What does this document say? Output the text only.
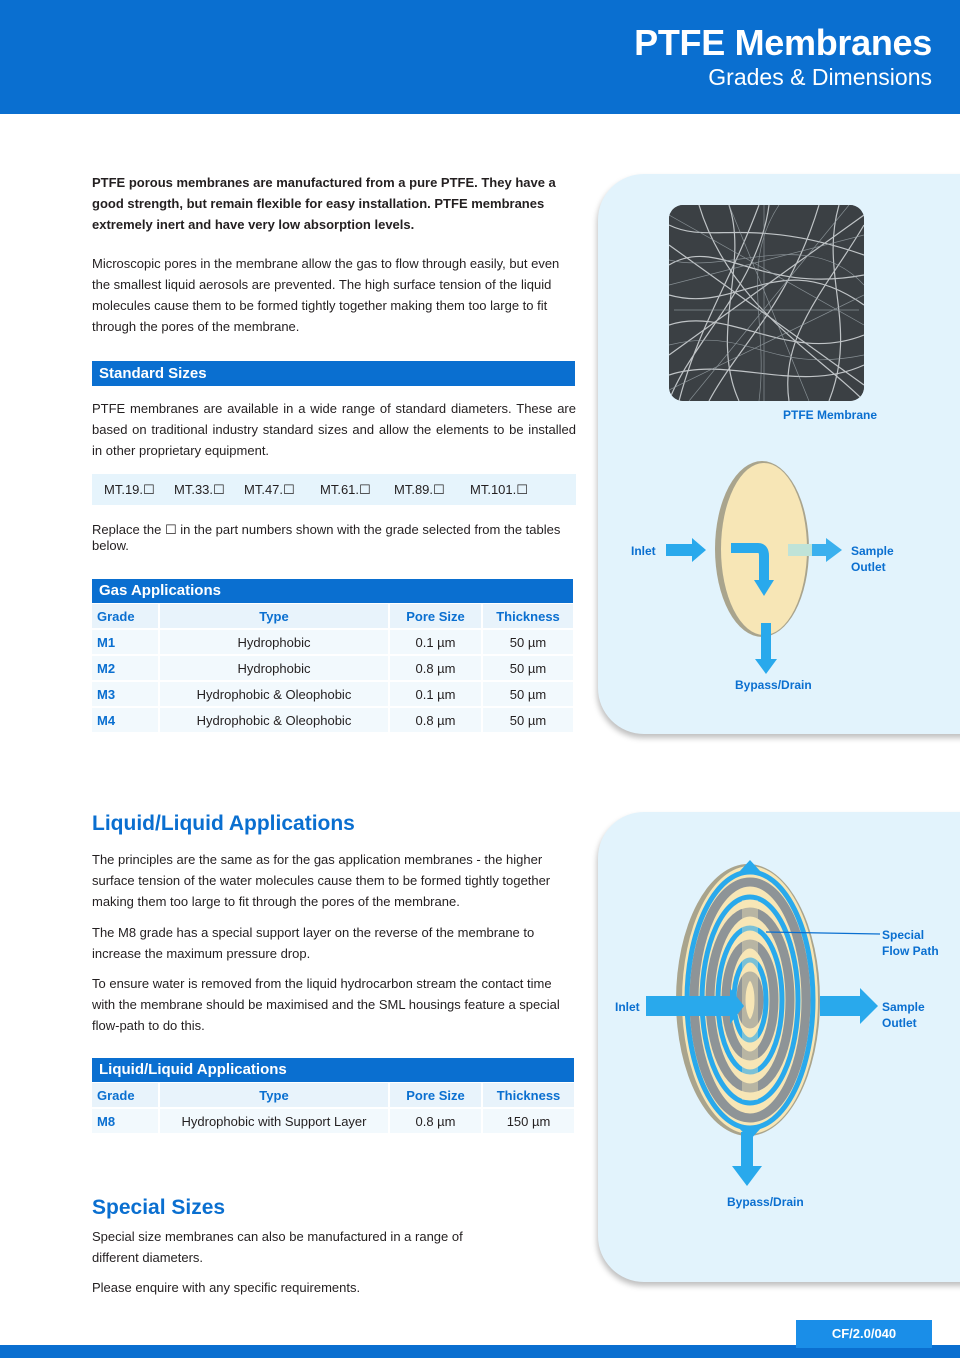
PTFE Membranes
Grades & Dimensions
PTFE porous membranes are manufactured from a pure PTFE. They have a good strength, but remain flexible for easy installation. PTFE membranes extremely inert and have very low absorption levels.
Microscopic pores in the membrane allow the gas to flow through easily, but even the smallest liquid aerosols are prevented. The high surface tension of the liquid molecules cause them to be formed tightly together making them too large to fit through the pores of the membrane.
Standard Sizes
PTFE membranes are available in a wide range of standard diameters. These are based on traditional industry standard sizes and allow the elements to be installed in other proprietary equipment.
MT.19.☐ MT.33.☐ MT.47.☐ MT.61.☐ MT.89.☐ MT.101.☐
Replace the ☐ in the part numbers shown with the grade selected from the tables below.
Gas Applications
Grade	Type	Pore Size	Thickness
M1	Hydrophobic	0.1 µm	50 µm
M2	Hydrophobic	0.8 µm	50 µm
M3	Hydrophobic & Oleophobic	0.1 µm	50 µm
M4	Hydrophobic & Oleophobic	0.8 µm	50 µm
Liquid/Liquid Applications
The principles are the same as for the gas application membranes - the higher surface tension of the water molecules cause them to be formed tightly together making them too large to fit through the pores of the membrane.
The M8 grade has a special support layer on the reverse of the membrane to increase the maximum pressure drop.
To ensure water is removed from the liquid hydrocarbon stream the contact time with the membrane should be maximised and the SML housings feature a special flow-path to do this.
Liquid/Liquid Applications
Grade	Type	Pore Size	Thickness
M8	Hydrophobic with Support Layer	0.8 µm	150 µm
Special Sizes
Special size membranes can also be manufactured in a range of different diameters.
Please enquire with any specific requirements.
PTFE Membrane
Inlet	Sample
Outlet
Bypass/Drain
Special
Flow Path
Inlet	Sample
Outlet
Bypass/Drain
CF/2.0/040
